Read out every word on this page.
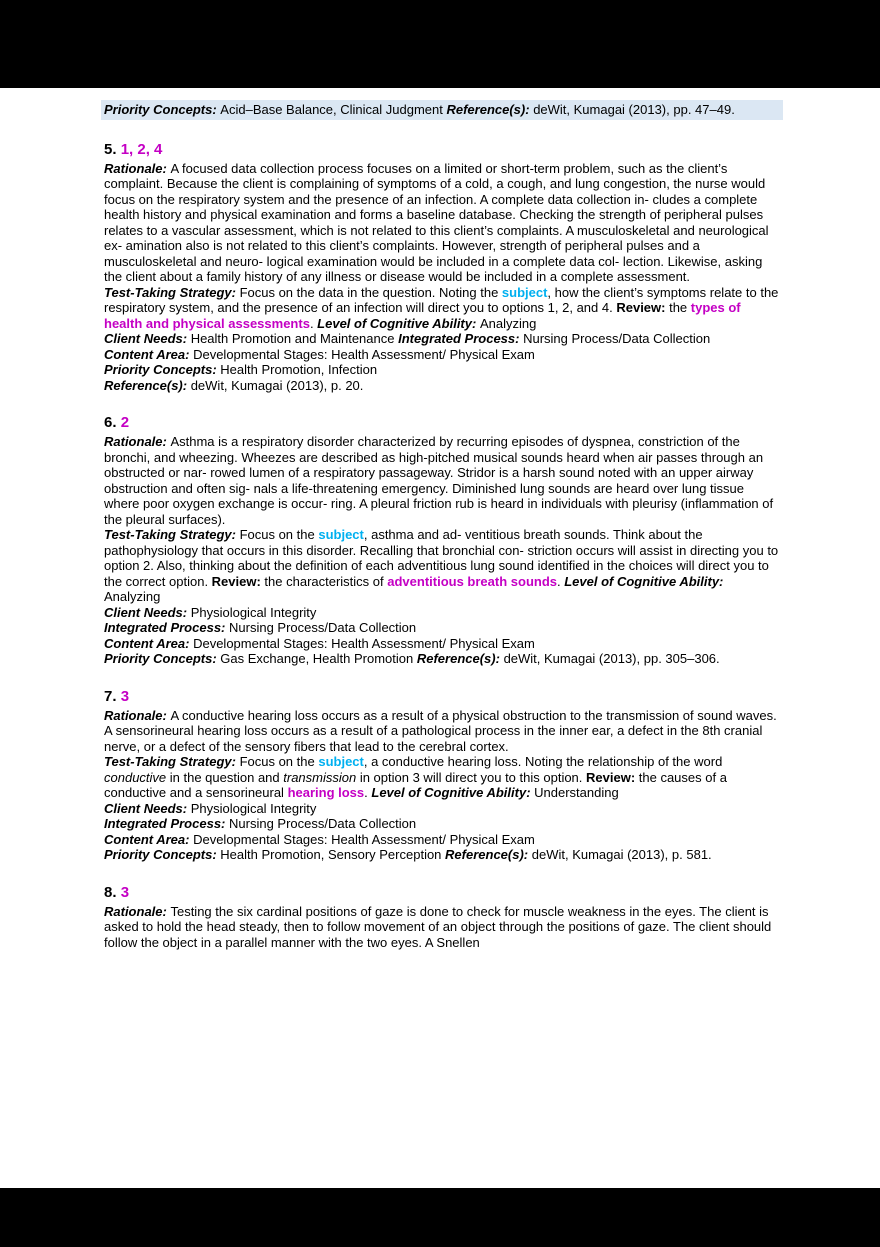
Priority Concepts: Acid–Base Balance, Clinical Judgment Reference(s): deWit, Kumagai (2013), pp. 47–49.
5. 1, 2, 4
Rationale: A focused data collection process focuses on a limited or short-term problem, such as the client’s complaint. Because the client is complaining of symptoms of a cold, a cough, and lung congestion, the nurse would focus on the respiratory system and the presence of an infection. A complete data collection in- cludes a complete health history and physical examination and forms a baseline database. Checking the strength of peripheral pulses relates to a vascular assessment, which is not related to this client’s complaints. A musculoskeletal and neurological ex- amination also is not related to this client’s complaints. However, strength of peripheral pulses and a musculoskeletal and neuro- logical examination would be included in a complete data col- lection. Likewise, asking the client about a family history of any illness or disease would be included in a complete assessment.
Test-Taking Strategy: Focus on the data in the question. Noting the subject, how the client’s symptoms relate to the respiratory system, and the presence of an infection will direct you to options 1, 2, and 4. Review: the types of health and physical assessments. Level of Cognitive Ability: Analyzing
Client Needs: Health Promotion and Maintenance Integrated Process: Nursing Process/Data Collection
Content Area: Developmental Stages: Health Assessment/ Physical Exam
Priority Concepts: Health Promotion, Infection
Reference(s): deWit, Kumagai (2013), p. 20.
6. 2
Rationale: Asthma is a respiratory disorder characterized by recurring episodes of dyspnea, constriction of the bronchi, and wheezing. Wheezes are described as high-pitched musical sounds heard when air passes through an obstructed or nar- rowed lumen of a respiratory passageway. Stridor is a harsh sound noted with an upper airway obstruction and often sig- nals a life-threatening emergency. Diminished lung sounds are heard over lung tissue where poor oxygen exchange is occur- ring. A pleural friction rub is heard in individuals with pleurisy (inflammation of the pleural surfaces).
Test-Taking Strategy: Focus on the subject, asthma and ad- ventitious breath sounds. Think about the pathophysiology that occurs in this disorder. Recalling that bronchial con- striction occurs will assist in directing you to option 2. Also, thinking about the definition of each adventitious lung sound identified in the choices will direct you to the correct option. Review: the characteristics of adventitious breath sounds. Level of Cognitive Ability: Analyzing
Client Needs: Physiological Integrity
Integrated Process: Nursing Process/Data Collection
Content Area: Developmental Stages: Health Assessment/ Physical Exam
Priority Concepts: Gas Exchange, Health Promotion Reference(s): deWit, Kumagai (2013), pp. 305–306.
7. 3
Rationale: A conductive hearing loss occurs as a result of a physical obstruction to the transmission of sound waves. A sensorineural hearing loss occurs as a result of a pathological process in the inner ear, a defect in the 8th cranial nerve, or a defect of the sensory fibers that lead to the cerebral cortex.
Test-Taking Strategy: Focus on the subject, a conductive hearing loss. Noting the relationship of the word conductive in the question and transmission in option 3 will direct you to this option. Review: the causes of a conductive and a sensorineural hearing loss. Level of Cognitive Ability: Understanding
Client Needs: Physiological Integrity
Integrated Process: Nursing Process/Data Collection
Content Area: Developmental Stages: Health Assessment/ Physical Exam
Priority Concepts: Health Promotion, Sensory Perception Reference(s): deWit, Kumagai (2013), p. 581.
8. 3
Rationale: Testing the six cardinal positions of gaze is done to check for muscle weakness in the eyes. The client is asked to hold the head steady, then to follow movement of an object through the positions of gaze. The client should follow the object in a parallel manner with the two eyes. A Snellen
